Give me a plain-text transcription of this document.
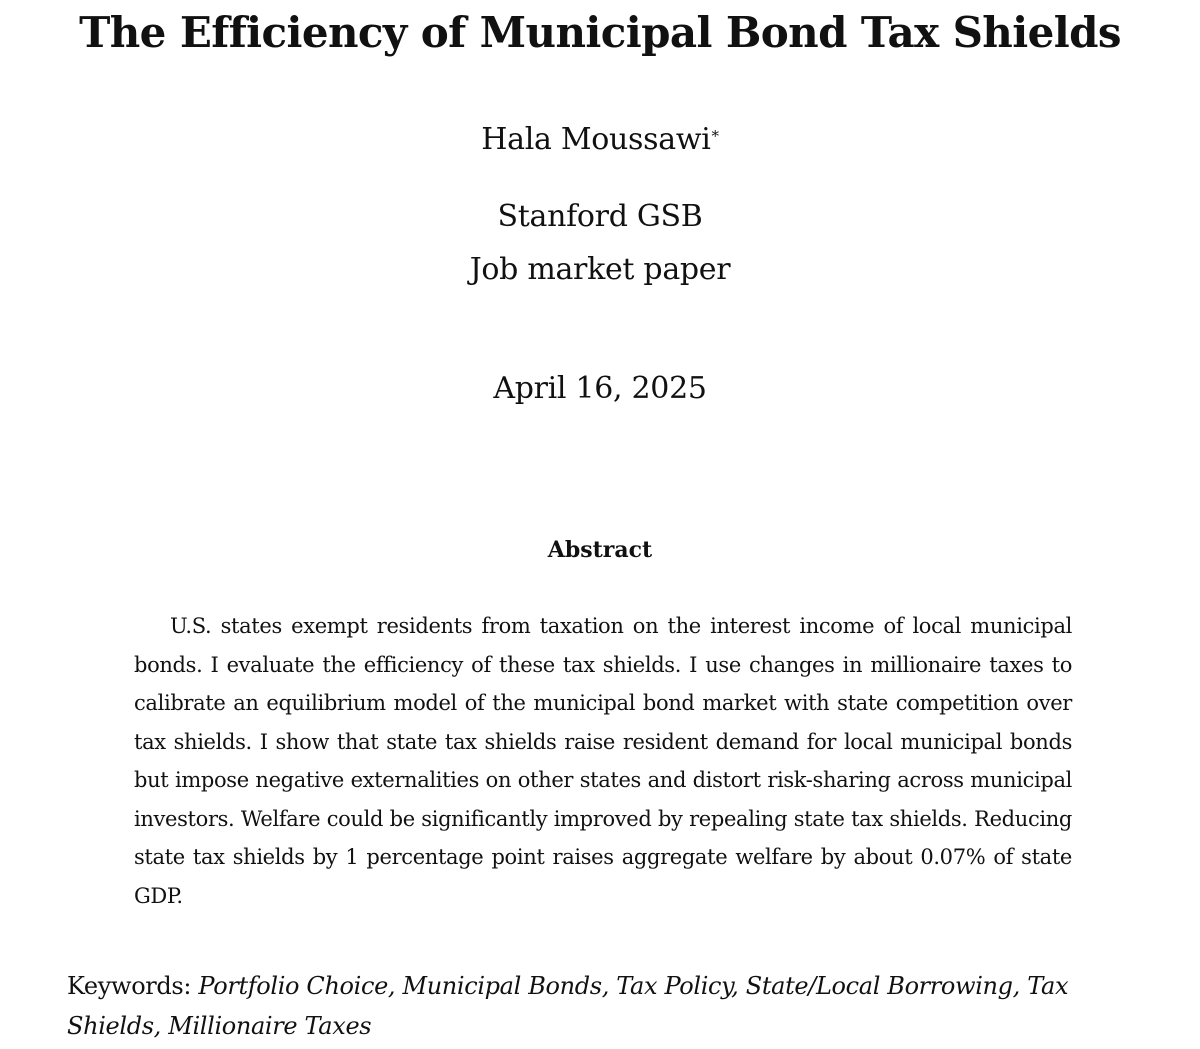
The Efficiency of Municipal Bond Tax Shields
Hala Moussawi*
Stanford GSB
Job market paper
April 16, 2025
Abstract

U.S. states exempt residents from taxation on the interest income of local municipal bonds. I evaluate the efficiency of these tax shields. I use changes in millionaire taxes to calibrate an equilibrium model of the municipal bond market with state competition over tax shields. I show that state tax shields raise resident demand for local municipal bonds but impose negative externalities on other states and distort risk-sharing across municipal investors. Welfare could be significantly improved by repealing state tax shields. Reducing state tax shields by 1 percentage point raises aggregate welfare by about 0.07% of state GDP.

Keywords: Portfolio Choice, Municipal Bonds, Tax Policy, State/Local Borrowing, Tax Shields, Millionaire Taxes
